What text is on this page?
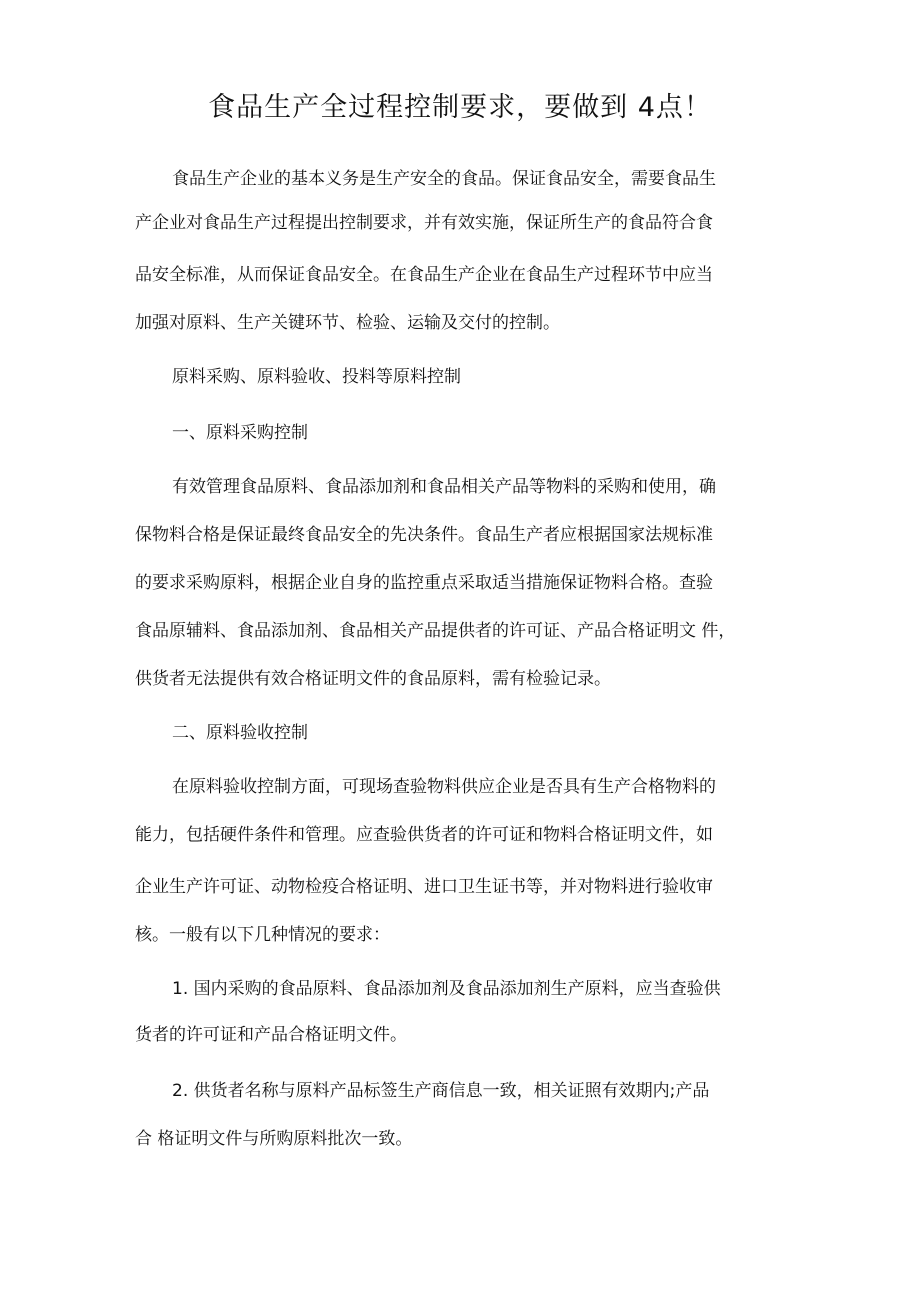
食品生产全过程控制要求，要做到 4点！

食品生产企业的基本义务是生产安全的食品。保证食品安全，需要食品生

产企业对食品生产过程提出控制要求，并有效实施，保证所生产的食品符合食

品安全标准，从而保证食品安全。在食品生产企业在食品生产过程环节中应当

加强对原料、生产关键环节、检验、运输及交付的控制。

原料采购、原料验收、投料等原料控制

一、原料采购控制

有效管理食品原料、食品添加剂和食品相关产品等物料的采购和使用，确

保物料合格是保证最终食品安全的先决条件。食品生产者应根据国家法规标准

的要求采购原料，根据企业自身的监控重点采取适当措施保证物料合格。查验

食品原辅料、食品添加剂、食品相关产品提供者的许可证、产品合格证明文 件，

供货者无法提供有效合格证明文件的食品原料，需有检验记录。

二、原料验收控制

在原料验收控制方面，可现场查验物料供应企业是否具有生产合格物料的

能力，包括硬件条件和管理。应查验供货者的许可证和物料合格证明文件，如

企业生产许可证、动物检疫合格证明、进口卫生证书等，并对物料进行验收审

核。一般有以下几种情况的要求：

1. 国内采购的食品原料、食品添加剂及食品添加剂生产原料，应当查验供

货者的许可证和产品合格证明文件。

2. 供货者名称与原料产品标签生产商信息一致，相关证照有效期内;产品

合 格证明文件与所购原料批次一致。
